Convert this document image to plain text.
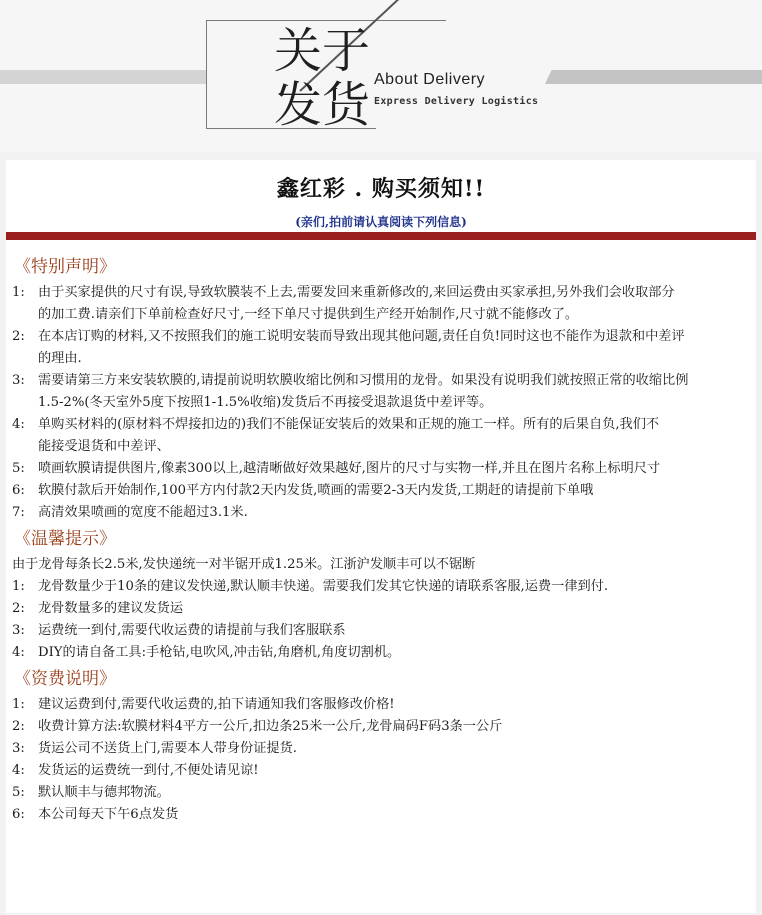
关于
发货 About Delivery
Express Delivery Logistics
鑫红彩 . 购买须知!!
(亲们,拍前请认真阅读下列信息)
《特别声明》
1: 由于买家提供的尺寸有误,导致软膜装不上去,需要发回来重新修改的,来回运费由买家承担,另外我们会收取部分
的加工费.请亲们下单前检查好尺寸,一经下单尺寸提供到生产经开始制作,尺寸就不能修改了。
2: 在本店订购的材料,又不按照我们的施工说明安装而导致出现其他问题,责任自负!同时这也不能作为退款和中差评
的理由.
3: 需要请第三方来安装软膜的,请提前说明软膜收缩比例和习惯用的龙骨。如果没有说明我们就按照正常的收缩比例
1.5-2%(冬天室外5度下按照1-1.5%收缩)发货后不再接受退款退货中差评等。
4: 单购买材料的(原材料不焊接扣边的)我们不能保证安装后的效果和正规的施工一样。所有的后果自负,我们不
能接受退货和中差评、
5: 喷画软膜请提供图片,像素300以上,越清晰做好效果越好,图片的尺寸与实物一样,并且在图片名称上标明尺寸
6: 软膜付款后开始制作,100平方内付款2天内发货,喷画的需要2-3天内发货,工期赶的请提前下单哦
7: 高清效果喷画的宽度不能超过3.1米.
《温馨提示》
由于龙骨每条长2.5米,发快递统一对半锯开成1.25米。江浙沪发顺丰可以不锯断
1: 龙骨数量少于10条的建议发快递,默认顺丰快递。需要我们发其它快递的请联系客服,运费一律到付.
2: 龙骨数量多的建议发货运
3: 运费统一到付,需要代收运费的请提前与我们客服联系
4: DIY的请自备工具:手枪钻,电吹风,冲击钻,角磨机,角度切割机。
《资费说明》
1: 建议运费到付,需要代收运费的,拍下请通知我们客服修改价格!
2: 收费计算方法:软膜材料4平方一公斤,扣边条25米一公斤,龙骨扁码F码3条一公斤
3: 货运公司不送货上门,需要本人带身份证提货.
4: 发货运的运费统一到付,不便处请见谅!
5: 默认顺丰与德邦物流。
6: 本公司每天下午6点发货
